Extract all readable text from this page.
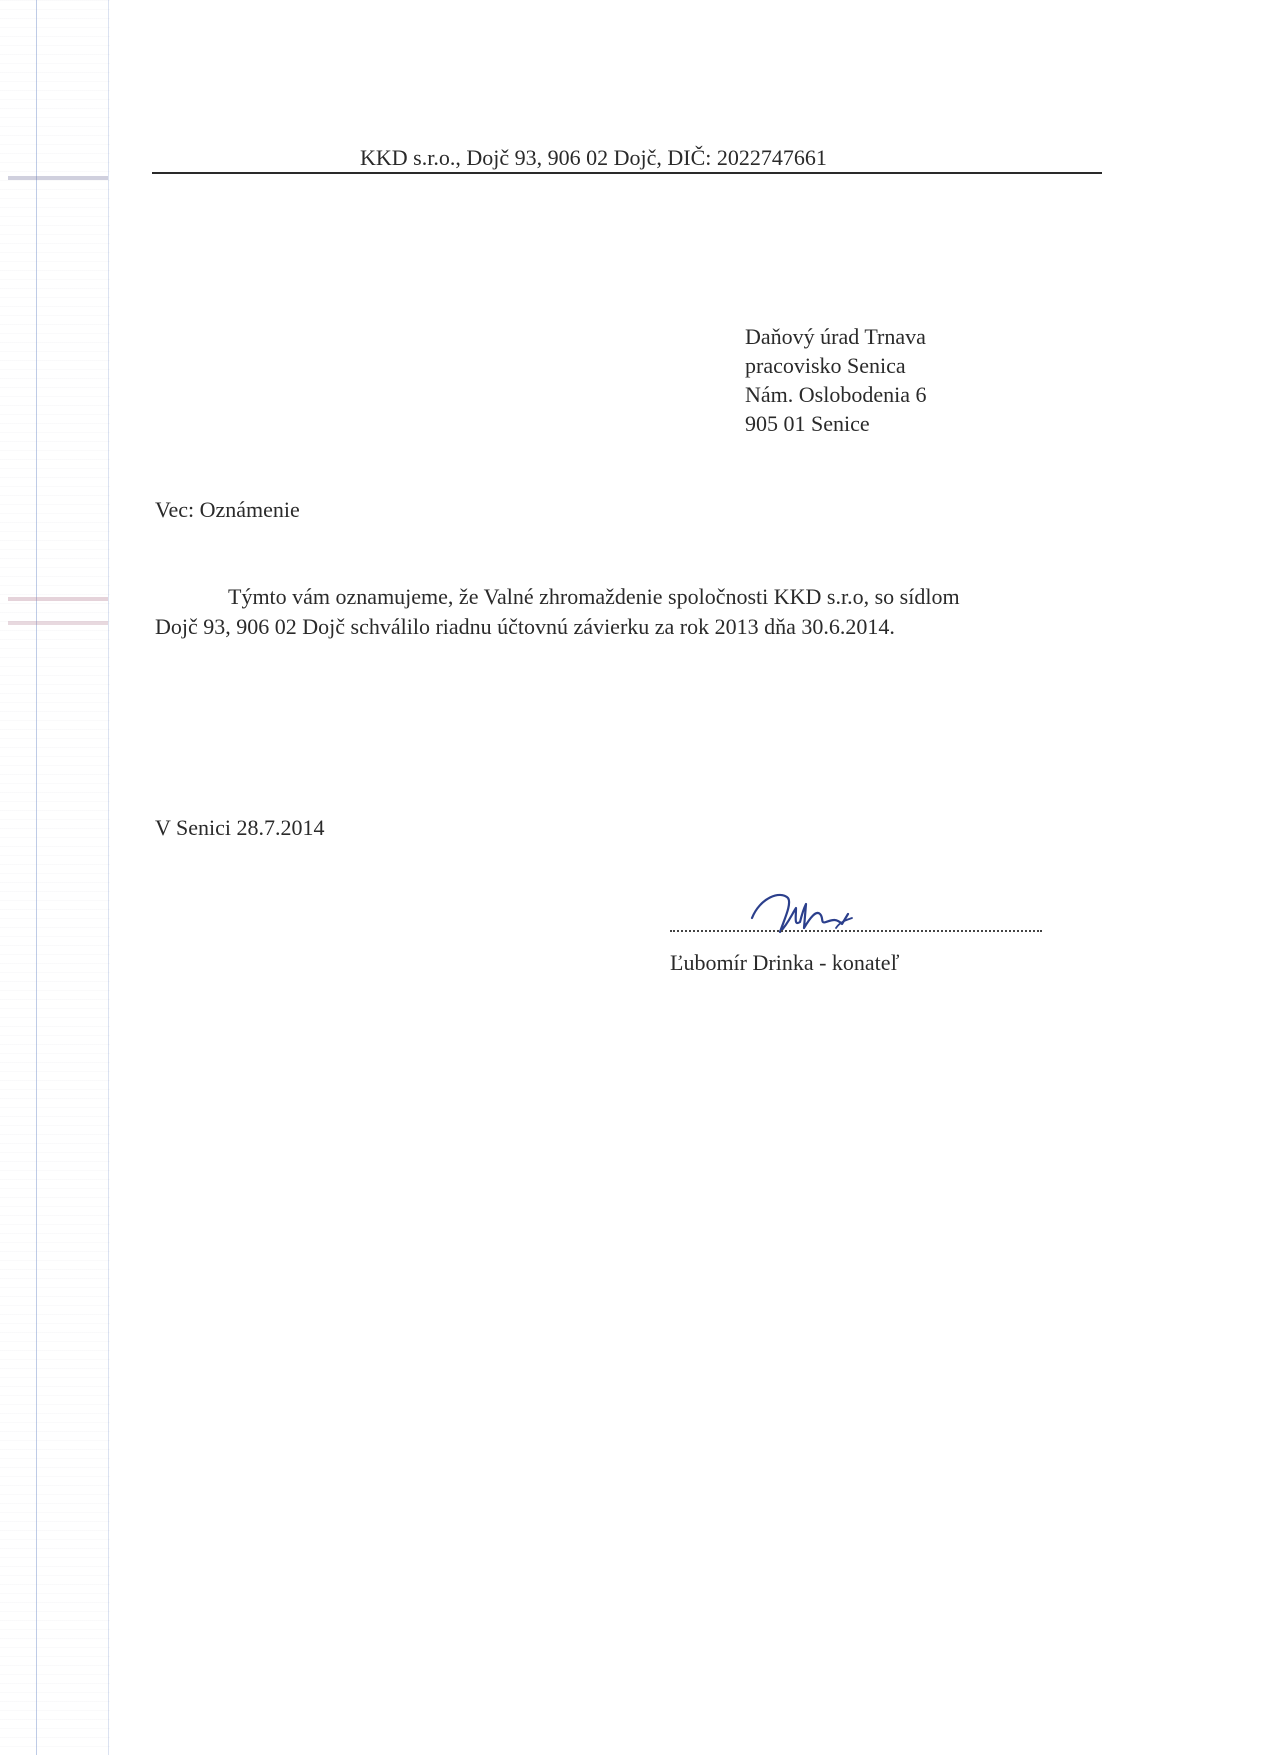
KKD s.r.o., Dojč 93, 906 02 Dojč, DIČ: 2022747661
Daňový úrad Trnava
pracovisko Senica
Nám. Oslobodenia 6
905 01 Senice
Vec: Oznámenie
Týmto vám oznamujeme, že Valné zhromaždenie spoločnosti KKD s.r.o, so sídlom
Dojč 93, 906 02 Dojč schválilo riadnu účtovnú závierku za rok 2013 dňa 30.6.2014.
V Senici 28.7.2014
Ľubomír Drinka - konateľ
